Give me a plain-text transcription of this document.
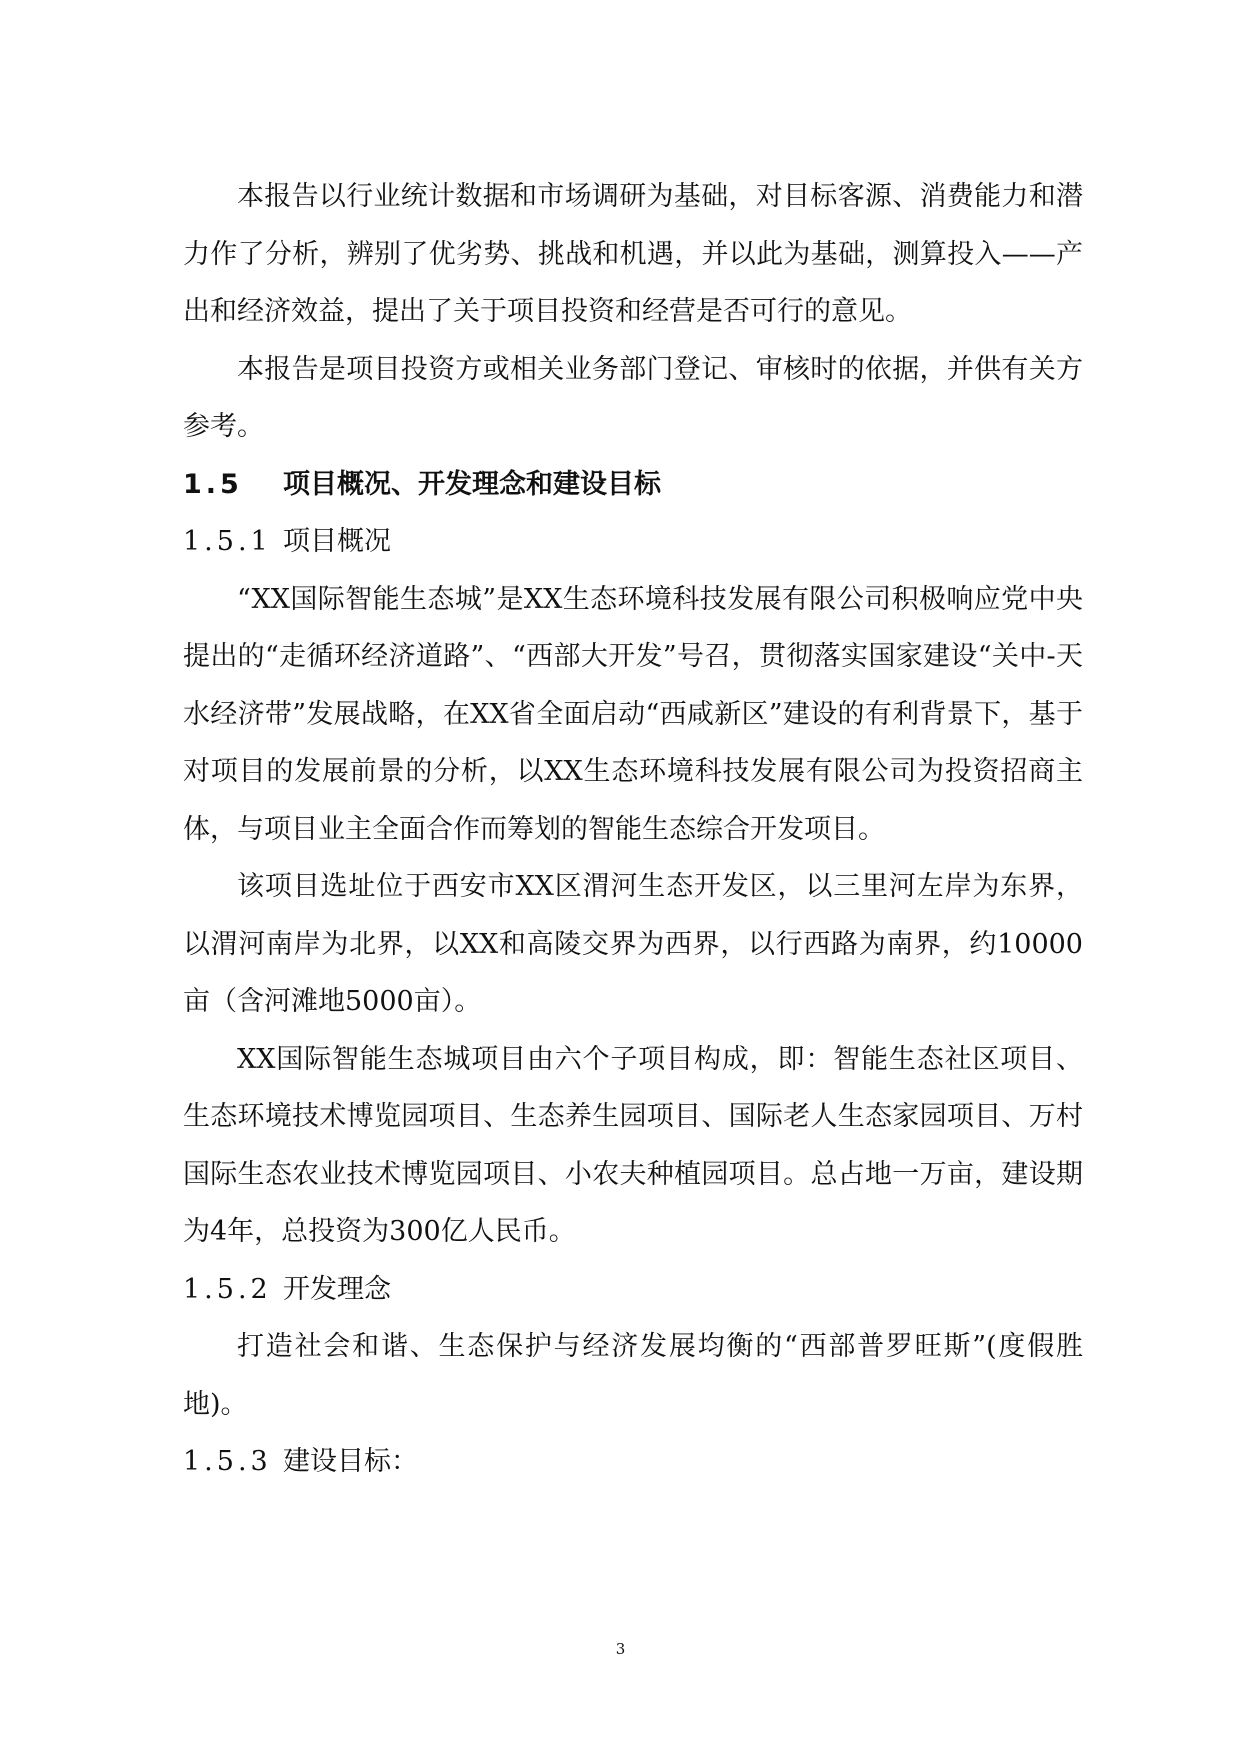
本报告以行业统计数据和市场调研为基础，对目标客源、消费能力和潜力作了分析，辨别了优劣势、挑战和机遇，并以此为基础，测算投入——产出和经济效益，提出了关于项目投资和经营是否可行的意见。

本报告是项目投资方或相关业务部门登记、审核时的依据，并供有关方参考。

1.5 项目概况、开发理念和建设目标
1.5.1 项目概况

“XX国际智能生态城”是XX生态环境科技发展有限公司积极响应党中央提出的“走循环经济道路”、“西部大开发”号召，贯彻落实国家建设“关中-天水经济带”发展战略，在XX省全面启动“西咸新区”建设的有利背景下，基于对项目的发展前景的分析，以XX生态环境科技发展有限公司为投资招商主体，与项目业主全面合作而筹划的智能生态综合开发项目。

该项目选址位于西安市XX区渭河生态开发区，以三里河左岸为东界，以渭河南岸为北界，以XX和高陵交界为西界，以行西路为南界，约10000亩（含河滩地5000亩）。

XX国际智能生态城项目由六个子项目构成，即：智能生态社区项目、生态环境技术博览园项目、生态养生园项目、国际老人生态家园项目、万村国际生态农业技术博览园项目、小农夫种植园项目。总占地一万亩，建设期为4年，总投资为300亿人民币。

1.5.2 开发理念

打造社会和谐、生态保护与经济发展均衡的“西部普罗旺斯”(度假胜地)。

1.5.3 建设目标：
3
